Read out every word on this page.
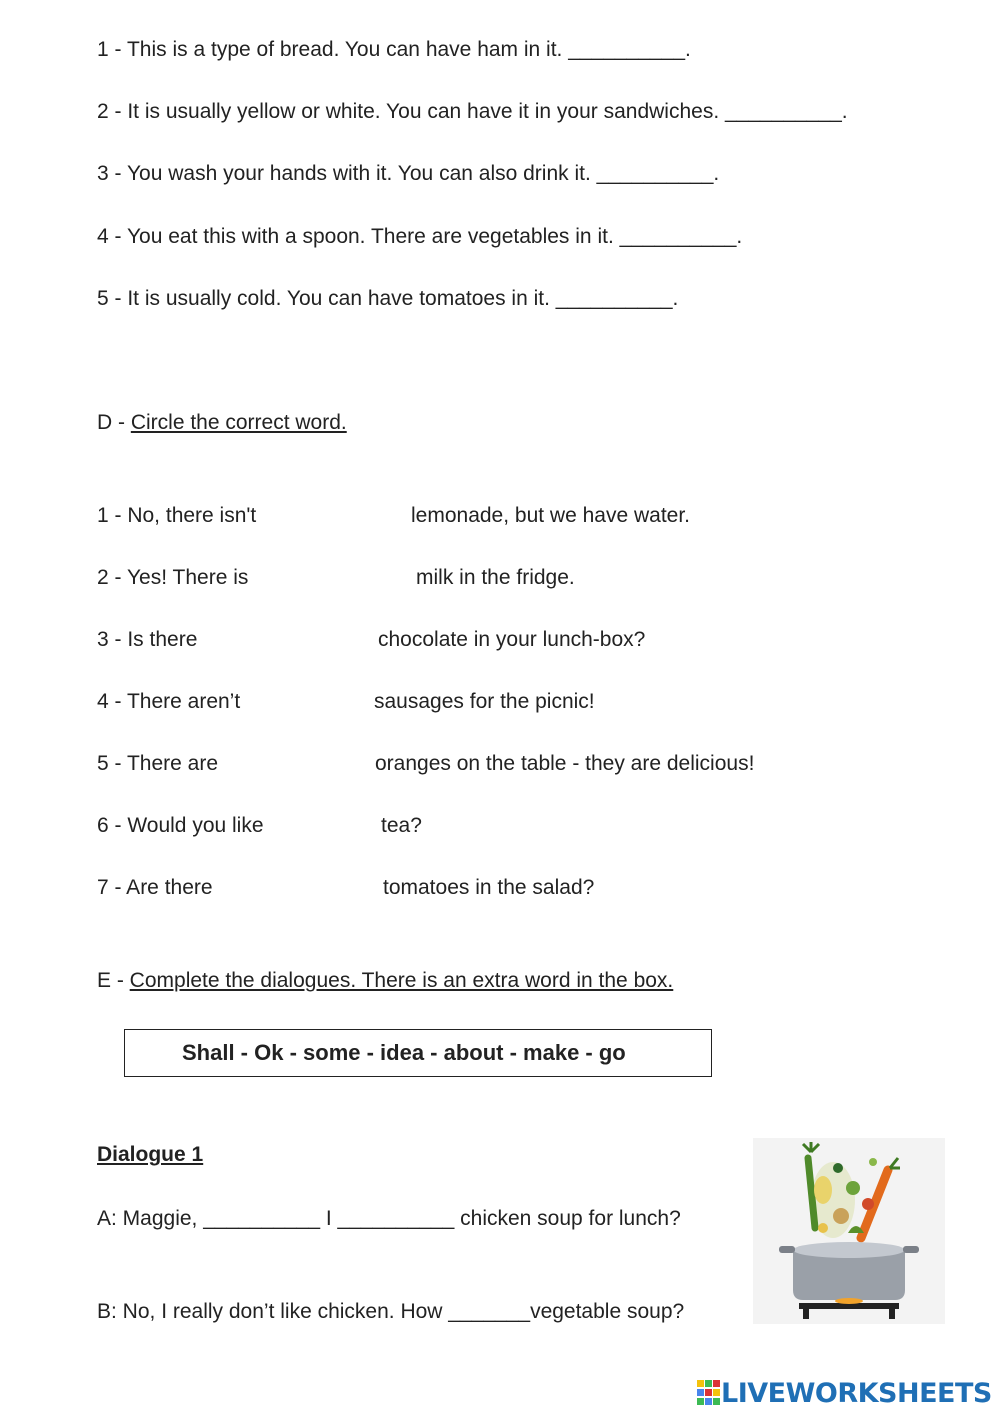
1 - This is a type of bread. You can have ham in it. __________.
2 - It is usually yellow or white. You can have it in your sandwiches. __________.
3 - You wash your hands with it. You can also drink it. __________.
4 - You eat this with a spoon. There are vegetables in it. __________.
5 - It is usually cold. You can have tomatoes in it. __________.
D - Circle the correct word.
1 - No, there isn't	lemonade, but we have water.
2 - Yes! There is	milk in the fridge.
3 - Is there	chocolate in your lunch-box?
4 - There aren’t	sausages for the picnic!
5 - There are	oranges on the table - they are delicious!
6 - Would you like	tea?
7 - Are there	tomatoes in the salad?
E - Complete the dialogues. There is an extra word in the box.
Shall - Ok - some - idea - about - make - go
Dialogue 1
A: Maggie, __________ I __________ chicken soup for lunch?
B: No, I really don’t like chicken. How _______vegetable soup?
LIVEWORKSHEETS
